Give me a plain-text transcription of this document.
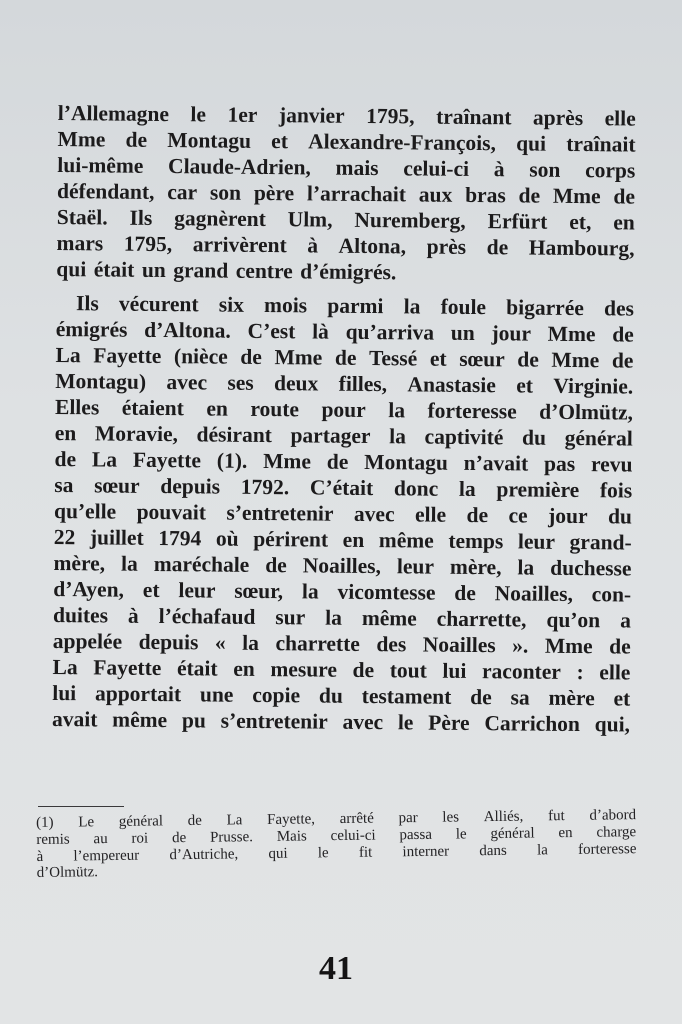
l’Allemagne le 1er janvier 1795, traînant après elle
Mme de Montagu et Alexandre-François, qui traînait
lui-même Claude-Adrien, mais celui-ci à son corps
défendant, car son père l’arrachait aux bras de Mme de
Staël. Ils gagnèrent Ulm, Nuremberg, Erfürt et, en
mars 1795, arrivèrent à Altona, près de Hambourg,
qui était un grand centre d’émigrés.
Ils vécurent six mois parmi la foule bigarrée des
émigrés d’Altona. C’est là qu’arriva un jour Mme de
La Fayette (nièce de Mme de Tessé et sœur de Mme de
Montagu) avec ses deux filles, Anastasie et Virginie.
Elles étaient en route pour la forteresse d’Olmütz,
en Moravie, désirant partager la captivité du général
de La Fayette (1). Mme de Montagu n’avait pas revu
sa sœur depuis 1792. C’était donc la première fois
qu’elle pouvait s’entretenir avec elle de ce jour du
22 juillet 1794 où périrent en même temps leur grand-
mère, la maréchale de Noailles, leur mère, la duchesse
d’Ayen, et leur sœur, la vicomtesse de Noailles, con-
duites à l’échafaud sur la même charrette, qu’on a
appelée depuis « la charrette des Noailles ». Mme de
La Fayette était en mesure de tout lui raconter : elle
lui apportait une copie du testament de sa mère et
avait même pu s’entretenir avec le Père Carrichon qui,
(1) Le général de La Fayette, arrêté par les Alliés, fut d’abord
remis au roi de Prusse. Mais celui-ci passa le général en charge
à l’empereur d’Autriche, qui le fit interner dans la forteresse
d’Olmütz.
41
